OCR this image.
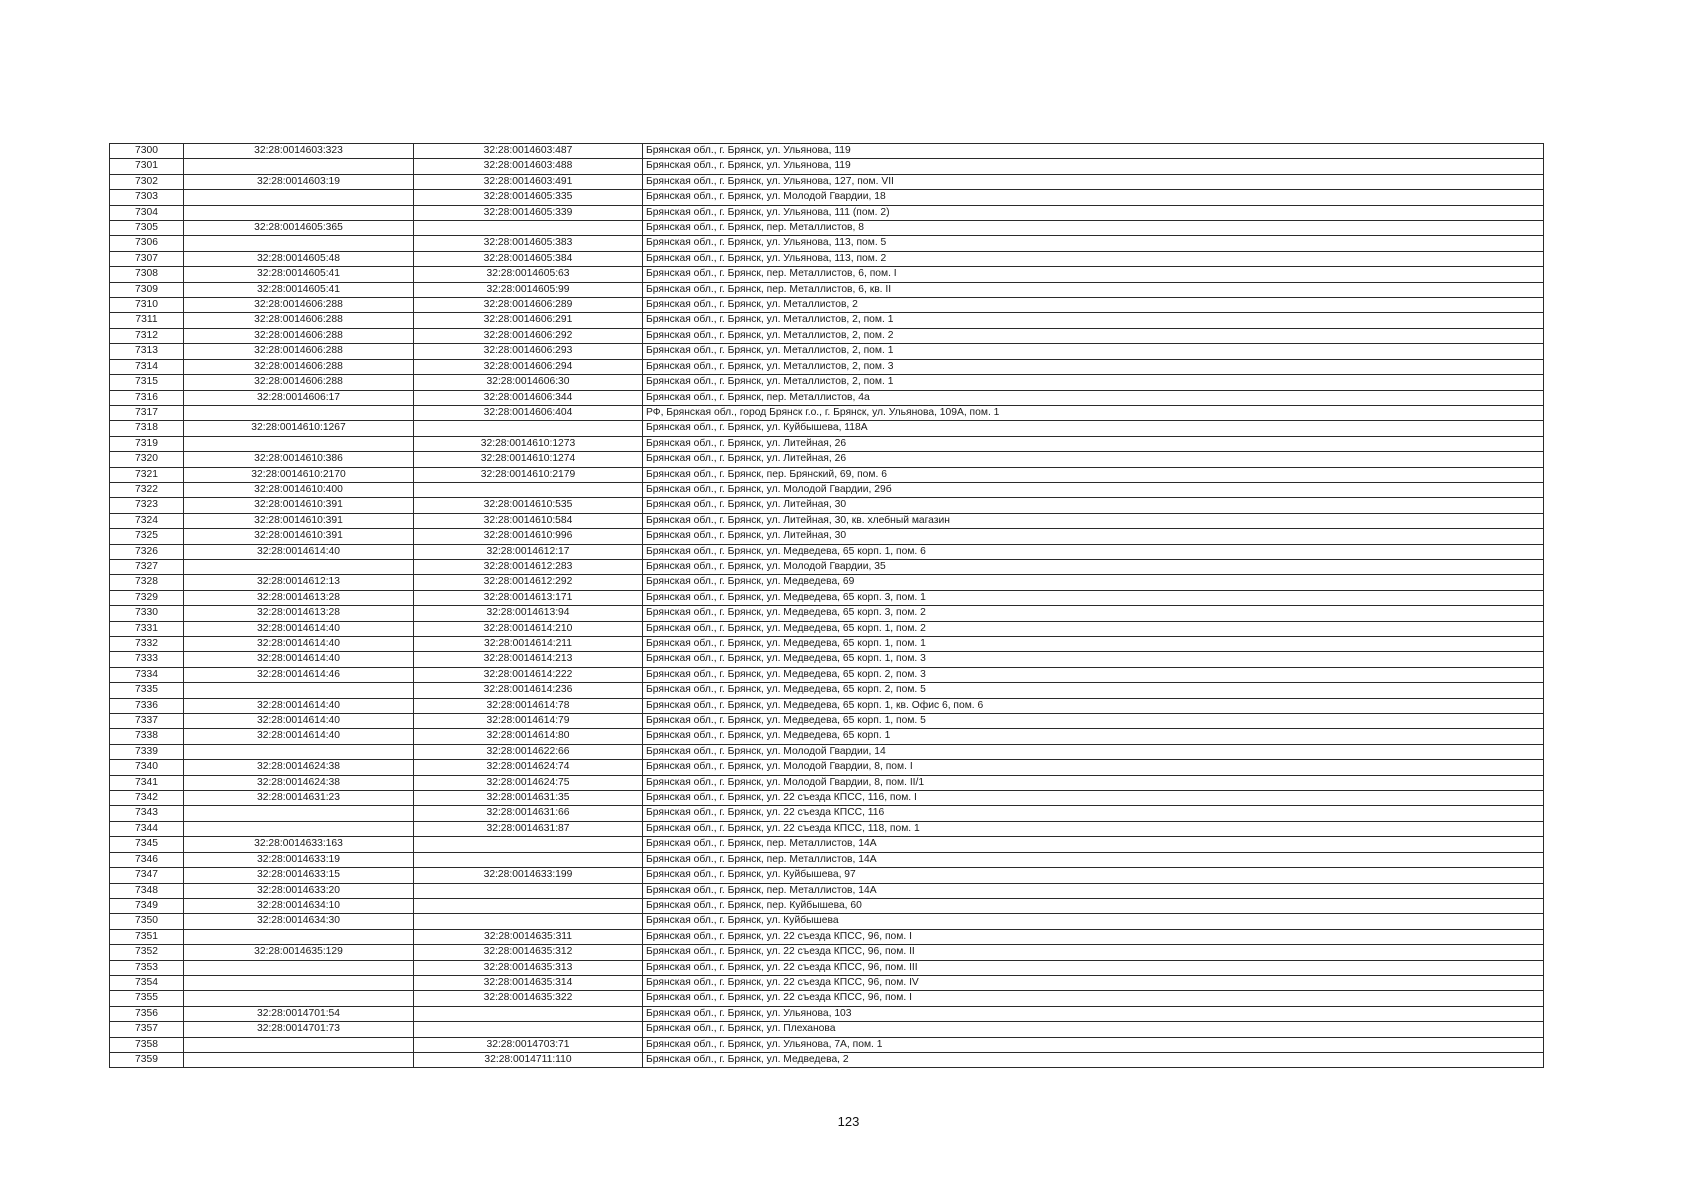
7300	32:28:0014603:323	32:28:0014603:487	Брянская обл., г. Брянск, ул. Ульянова, 119
7301		32:28:0014603:488	Брянская обл., г. Брянск, ул. Ульянова, 119
7302	32:28:0014603:19	32:28:0014603:491	Брянская обл., г. Брянск, ул. Ульянова, 127, пом. VII
7303		32:28:0014605:335	Брянская обл., г. Брянск, ул. Молодой Гвардии, 18
7304		32:28:0014605:339	Брянская обл., г. Брянск, ул. Ульянова, 111 (пом. 2)
7305	32:28:0014605:365		Брянская обл., г. Брянск, пер. Металлистов, 8
7306		32:28:0014605:383	Брянская обл., г. Брянск, ул. Ульянова, 113, пом. 5
7307	32:28:0014605:48	32:28:0014605:384	Брянская обл., г. Брянск, ул. Ульянова, 113, пом. 2
7308	32:28:0014605:41	32:28:0014605:63	Брянская обл., г. Брянск, пер. Металлистов, 6, пом. I
7309	32:28:0014605:41	32:28:0014605:99	Брянская обл., г. Брянск, пер. Металлистов, 6, кв. II
7310	32:28:0014606:288	32:28:0014606:289	Брянская обл., г. Брянск, ул. Металлистов, 2
7311	32:28:0014606:288	32:28:0014606:291	Брянская обл., г. Брянск, ул. Металлистов, 2, пом. 1
7312	32:28:0014606:288	32:28:0014606:292	Брянская обл., г. Брянск, ул. Металлистов, 2, пом. 2
7313	32:28:0014606:288	32:28:0014606:293	Брянская обл., г. Брянск, ул. Металлистов, 2, пом. 1
7314	32:28:0014606:288	32:28:0014606:294	Брянская обл., г. Брянск, ул. Металлистов, 2, пом. 3
7315	32:28:0014606:288	32:28:0014606:30	Брянская обл., г. Брянск, ул. Металлистов, 2, пом. 1
7316	32:28:0014606:17	32:28:0014606:344	Брянская обл., г. Брянск, пер. Металлистов, 4а
7317		32:28:0014606:404	РФ, Брянская обл., город Брянск г.о., г. Брянск, ул. Ульянова, 109А, пом. 1
7318	32:28:0014610:1267		Брянская обл., г. Брянск, ул. Куйбышева, 118А
7319		32:28:0014610:1273	Брянская обл., г. Брянск, ул. Литейная, 26
7320	32:28:0014610:386	32:28:0014610:1274	Брянская обл., г. Брянск, ул. Литейная, 26
7321	32:28:0014610:2170	32:28:0014610:2179	Брянская обл., г. Брянск, пер. Брянский, 69, пом. 6
7322	32:28:0014610:400		Брянская обл., г. Брянск, ул. Молодой Гвардии, 29б
7323	32:28:0014610:391	32:28:0014610:535	Брянская обл., г. Брянск, ул. Литейная, 30
7324	32:28:0014610:391	32:28:0014610:584	Брянская обл., г. Брянск, ул. Литейная, 30, кв. хлебный магазин
7325	32:28:0014610:391	32:28:0014610:996	Брянская обл., г. Брянск, ул. Литейная, 30
7326	32:28:0014614:40	32:28:0014612:17	Брянская обл., г. Брянск, ул. Медведева, 65 корп. 1, пом. 6
7327		32:28:0014612:283	Брянская обл., г. Брянск, ул. Молодой Гвардии, 35
7328	32:28:0014612:13	32:28:0014612:292	Брянская обл., г. Брянск, ул. Медведева, 69
7329	32:28:0014613:28	32:28:0014613:171	Брянская обл., г. Брянск, ул. Медведева, 65 корп. 3, пом. 1
7330	32:28:0014613:28	32:28:0014613:94	Брянская обл., г. Брянск, ул. Медведева, 65 корп. 3, пом. 2
7331	32:28:0014614:40	32:28:0014614:210	Брянская обл., г. Брянск, ул. Медведева, 65 корп. 1, пом. 2
7332	32:28:0014614:40	32:28:0014614:211	Брянская обл., г. Брянск, ул. Медведева, 65 корп. 1, пом. 1
7333	32:28:0014614:40	32:28:0014614:213	Брянская обл., г. Брянск, ул. Медведева, 65 корп. 1, пом. 3
7334	32:28:0014614:46	32:28:0014614:222	Брянская обл., г. Брянск, ул. Медведева, 65 корп. 2, пом. 3
7335		32:28:0014614:236	Брянская обл., г. Брянск, ул. Медведева, 65 корп. 2, пом. 5
7336	32:28:0014614:40	32:28:0014614:78	Брянская обл., г. Брянск, ул. Медведева, 65 корп. 1, кв. Офис 6, пом. 6
7337	32:28:0014614:40	32:28:0014614:79	Брянская обл., г. Брянск, ул. Медведева, 65 корп. 1, пом. 5
7338	32:28:0014614:40	32:28:0014614:80	Брянская обл., г. Брянск, ул. Медведева, 65 корп. 1
7339		32:28:0014622:66	Брянская обл., г. Брянск, ул. Молодой Гвардии, 14
7340	32:28:0014624:38	32:28:0014624:74	Брянская обл., г. Брянск, ул. Молодой Гвардии, 8, пом. I
7341	32:28:0014624:38	32:28:0014624:75	Брянская обл., г. Брянск, ул. Молодой Гвардии, 8, пом. II/1
7342	32:28:0014631:23	32:28:0014631:35	Брянская обл., г. Брянск, ул. 22 съезда КПСС, 116, пом. I
7343		32:28:0014631:66	Брянская обл., г. Брянск, ул. 22 съезда КПСС, 116
7344		32:28:0014631:87	Брянская обл., г. Брянск, ул. 22 съезда КПСС, 118, пом. 1
7345	32:28:0014633:163		Брянская обл., г. Брянск, пер. Металлистов, 14А
7346	32:28:0014633:19		Брянская обл., г. Брянск, пер. Металлистов, 14А
7347	32:28:0014633:15	32:28:0014633:199	Брянская обл., г. Брянск, ул. Куйбышева, 97
7348	32:28:0014633:20		Брянская обл., г. Брянск, пер. Металлистов, 14А
7349	32:28:0014634:10		Брянская обл., г. Брянск, пер. Куйбышева, 60
7350	32:28:0014634:30		Брянская обл., г. Брянск, ул. Куйбышева
7351		32:28:0014635:311	Брянская обл., г. Брянск, ул. 22 съезда КПСС, 96, пом. I
7352	32:28:0014635:129	32:28:0014635:312	Брянская обл., г. Брянск, ул. 22 съезда КПСС, 96, пом. II
7353		32:28:0014635:313	Брянская обл., г. Брянск, ул. 22 съезда КПСС, 96, пом. III
7354		32:28:0014635:314	Брянская обл., г. Брянск, ул. 22 съезда КПСС, 96, пом. IV
7355		32:28:0014635:322	Брянская обл., г. Брянск, ул. 22 съезда КПСС, 96, пом. I
7356	32:28:0014701:54		Брянская обл., г. Брянск, ул. Ульянова, 103
7357	32:28:0014701:73		Брянская обл., г. Брянск, ул. Плеханова
7358		32:28:0014703:71	Брянская обл., г. Брянск, ул. Ульянова, 7А, пом. 1
7359		32:28:0014711:110	Брянская обл., г. Брянск, ул. Медведева, 2
123
